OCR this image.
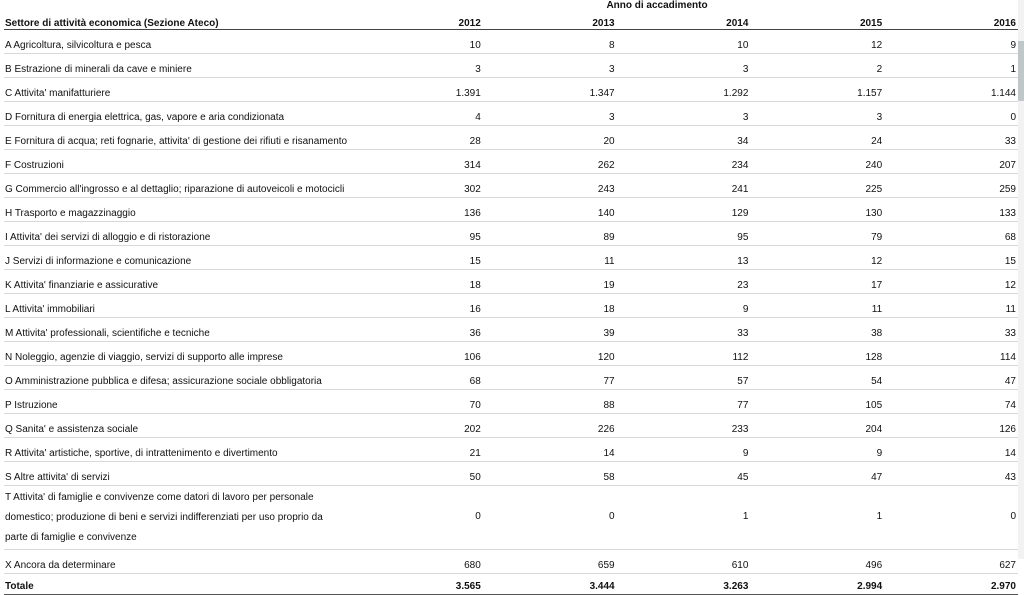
Anno di accadimento
Settore di attività economica (Sezione Ateco)	2012	2013	2014	2015	2016
A Agricoltura, silvicoltura e pesca	10	8	10	12	9
B Estrazione di minerali da cave e miniere	3	3	3	2	1
C Attivita' manifatturiere	1.391	1.347	1.292	1.157	1.144
D Fornitura di energia elettrica, gas, vapore e aria condizionata	4	3	3	3	0
E Fornitura di acqua; reti fognarie, attivita' di gestione dei rifiuti e risanamento	28	20	34	24	33
F Costruzioni	314	262	234	240	207
G Commercio all'ingrosso e al dettaglio; riparazione di autoveicoli e motocicli	302	243	241	225	259
H Trasporto e magazzinaggio	136	140	129	130	133
I Attivita' dei servizi di alloggio e di ristorazione	95	89	95	79	68
J Servizi di informazione e comunicazione	15	11	13	12	15
K Attivita' finanziarie e assicurative	18	19	23	17	12
L Attivita' immobiliari	16	18	9	11	11
M Attivita' professionali, scientifiche e tecniche	36	39	33	38	33
N Noleggio, agenzie di viaggio, servizi di supporto alle imprese	106	120	112	128	114
O Amministrazione pubblica e difesa; assicurazione sociale obbligatoria	68	77	57	54	47
P Istruzione	70	88	77	105	74
Q Sanita' e assistenza sociale	202	226	233	204	126
R Attivita' artistiche, sportive, di intrattenimento e divertimento	21	14	9	9	14
S Altre attivita' di servizi	50	58	45	47	43
T Attivita' di famiglie e convivenze come datori di lavoro per personale domestico; produzione di beni e servizi indifferenziati per uso proprio da parte di famiglie e convivenze	0	0	1	1	0
X Ancora da determinare	680	659	610	496	627
Totale	3.565	3.444	3.263	2.994	2.970
